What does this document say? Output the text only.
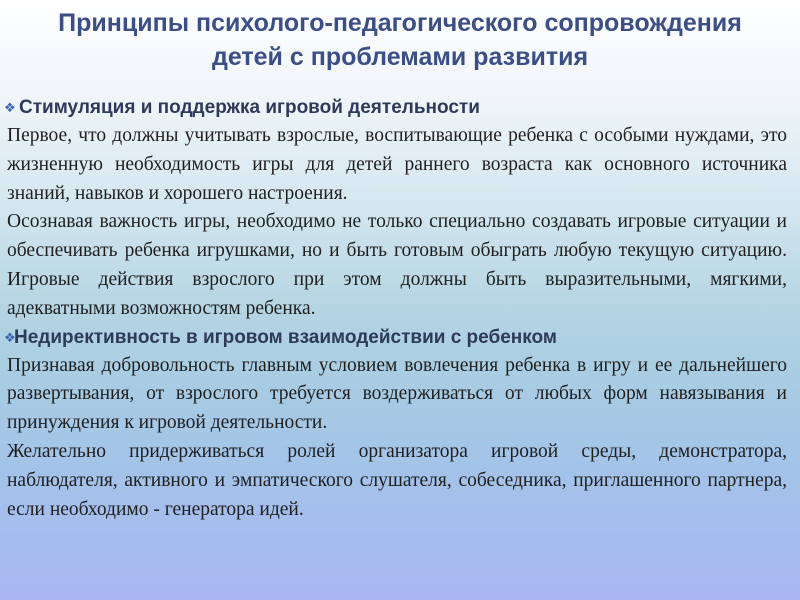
Принципы психолого-педагогического сопровождения
детей с проблемами развития
❖ Стимуляция и поддержка игровой деятельности

Первое, что должны учитывать взрослые, воспитывающие ребенка с особыми нуждами, это жизненную необходимость игры для детей раннего возраста как основного источника знаний, навыков и хорошего настроения.

Осознавая важность игры, необходимо не только специально создавать игровые ситуации и обеспечивать ребенка игрушками, но и быть готовым обыграть любую текущую ситуацию. Игровые действия взрослого при этом должны быть выразительными, мягкими, адекватными возможностям ребенка.

❖
Недирективность в игровом взаимодействии с ребенком

Признавая добровольность главным условием вовлечения ребенка в игру и ее дальнейшего развертывания, от взрослого требуется воздерживаться от любых форм навязывания и принуждения к игровой деятельности.

Желательно придерживаться ролей организатора игровой среды, демонстратора, наблюдателя, активного и эмпатического слушателя, собеседника, приглашенного партнера, если необходимо - генератора идей.
